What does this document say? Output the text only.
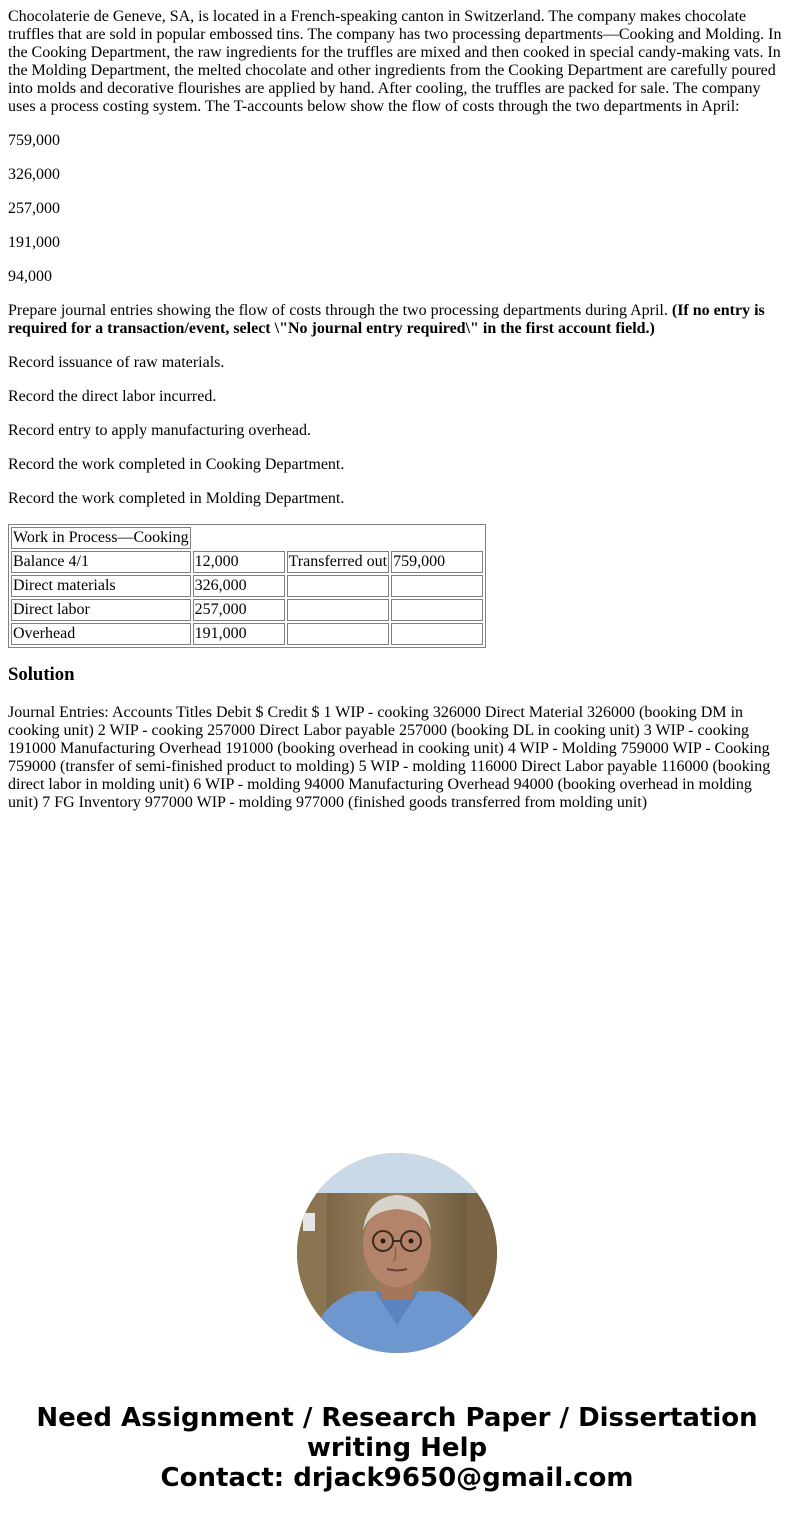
Chocolaterie de Geneve, SA, is located in a French-speaking canton in Switzerland. The company makes chocolate truffles that are sold in popular embossed tins. The company has two processing departments—Cooking and Molding. In the Cooking Department, the raw ingredients for the truffles are mixed and then cooked in special candy-making vats. In the Molding Department, the melted chocolate and other ingredients from the Cooking Department are carefully poured into molds and decorative flourishes are applied by hand. After cooling, the truffles are packed for sale. The company uses a process costing system. The T-accounts below show the flow of costs through the two departments in April:

759,000

326,000

257,000

191,000

94,000

Prepare journal entries showing the flow of costs through the two processing departments during April. (If no entry is required for a transaction/event, select \"No journal entry required\" in the first account field.)

Record issuance of raw materials.

Record the direct labor incurred.

Record entry to apply manufacturing overhead.

Record the work completed in Cooking Department.

Record the work completed in Molding Department.

Work in Process—Cooking			
Balance 4/1	12,000	Transferred out	759,000
Direct materials	326,000		
Direct labor	257,000		
Overhead	191,000		
Solution

Journal Entries: Accounts Titles Debit $ Credit $ 1 WIP - cooking 326000 Direct Material 326000 (booking DM in cooking unit) 2 WIP - cooking 257000 Direct Labor payable 257000 (booking DL in cooking unit) 3 WIP - cooking 191000 Manufacturing Overhead 191000 (booking overhead in cooking unit) 4 WIP - Molding 759000 WIP - Cooking 759000 (transfer of semi-finished product to molding) 5 WIP - molding 116000 Direct Labor payable 116000 (booking direct labor in molding unit) 6 WIP - molding 94000 Manufacturing Overhead 94000 (booking overhead in molding unit) 7 FG Inventory 977000 WIP - molding 977000 (finished goods transferred from molding unit)

Need Assignment / Research Paper / Dissertation
writing Help
Contact: drjack9650@gmail.com
